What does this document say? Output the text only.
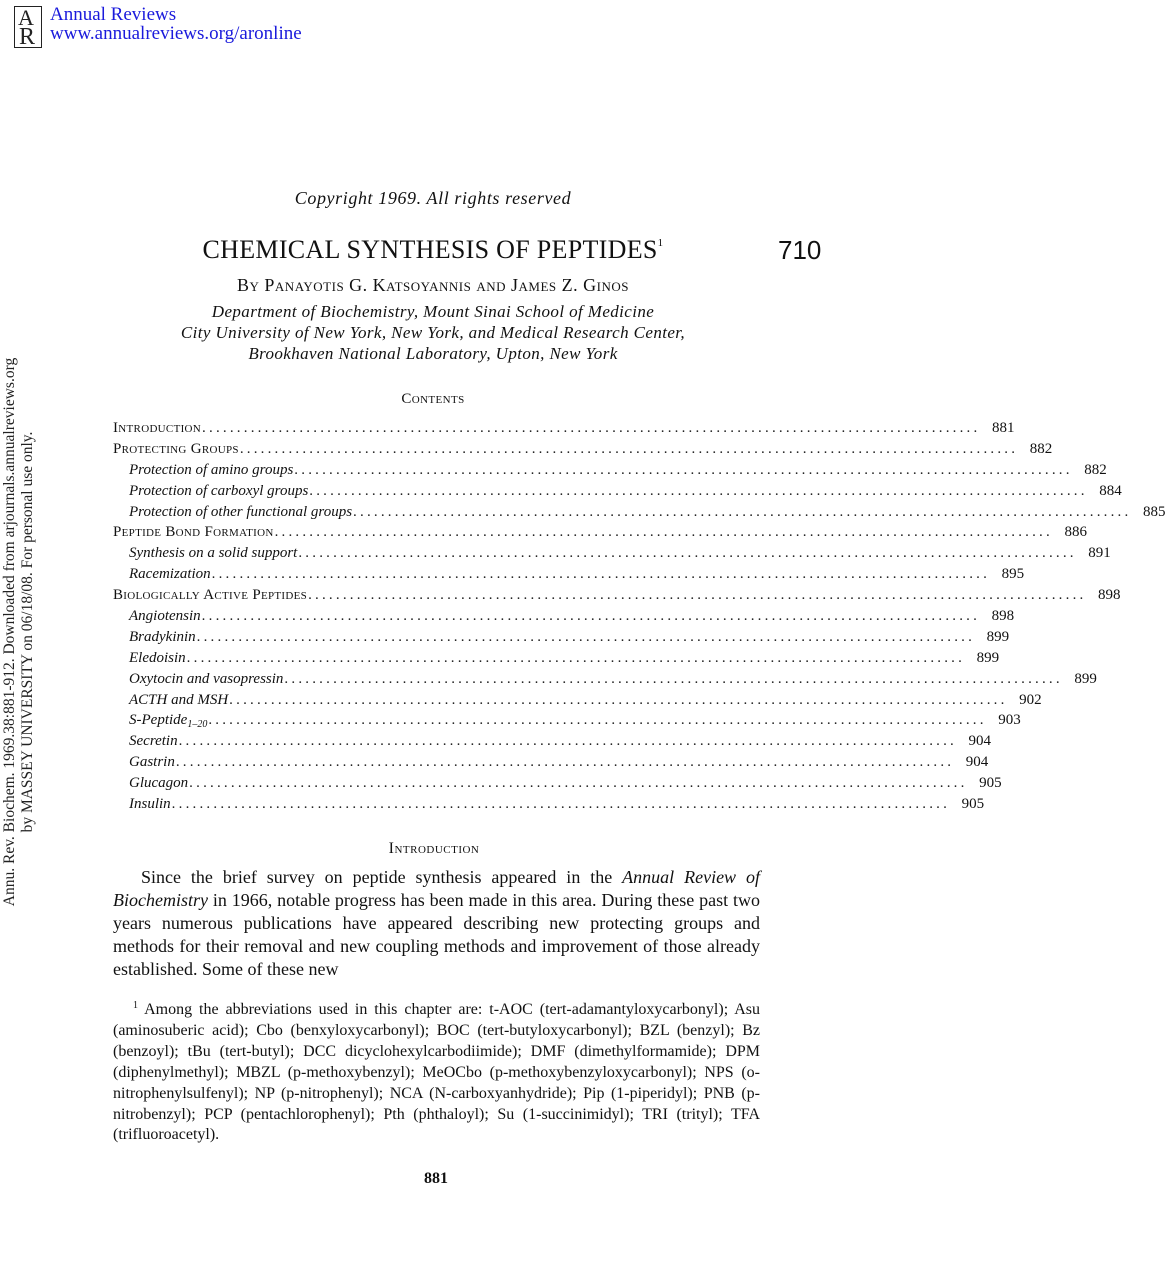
A
R
Annual Reviews
www.annualreviews.org/aronline
Annu. Rev. Biochem. 1969.38:881-912. Downloaded from arjournals.annualreviews.org by MASSEY UNIVERSITY on 06/18/08. For personal use only.
Copyright 1969. All rights reserved
CHEMICAL SYNTHESIS OF PEPTIDES$^1$	710
By Panayotis G. Katsoyannis and James Z. Ginos
Department of Biochemistry, Mount Sinai School of Medicine
City University of New York, New York, and Medical Research Center,
Brookhaven National Laboratory, Upton, New York
Contents
Introduction ................................................................................................................ 881
Protecting Groups ................................................................................................................ 882
Protection of amino groups ................................................................................................................ 882
Protection of carboxyl groups ................................................................................................................ 884
Protection of other functional groups ................................................................................................................ 885
Peptide Bond Formation ................................................................................................................ 886
Synthesis on a solid support ................................................................................................................ 891
Racemization ................................................................................................................ 895
Biologically Active Peptides ................................................................................................................ 898
Angiotensin ................................................................................................................ 898
Bradykinin ................................................................................................................ 899
Eledoisin ................................................................................................................ 899
Oxytocin and vasopressin ................................................................................................................ 899
ACTH and MSH ................................................................................................................ 902
S-Peptide$_{1-20}$ ................................................................................................................ 903
Secretin ................................................................................................................ 904
Gastrin ................................................................................................................ 904
Glucagon ................................................................................................................ 905
Insulin ................................................................................................................ 905
Introduction

Since the brief survey on peptide synthesis appeared in the Annual Review of Biochemistry in 1966, notable progress has been made in this area. During these past two years numerous publications have appeared describing new protecting groups and methods for their removal and new coupling methods and improvement of those already established. Some of these new

$^1$ Among the abbreviations used in this chapter are: t-AOC (tert-adamantyloxycarbonyl); Asu (aminosuberic acid); Cbo (benxyloxycarbonyl); BOC (tert-butyloxycarbonyl); BZL (benzyl); Bz (benzoyl); tBu (tert-butyl); DCC dicyclohexylcarbodiimide); DMF (dimethylformamide); DPM (diphenylmethyl); MBZL (p-methoxybenzyl); MeOCbo (p-methoxybenzyloxycarbonyl); NPS (o-nitrophenylsulfenyl); NP (p-nitrophenyl); NCA (N-carboxyanhydride); Pip (1-piperidyl); PNB (p-nitrobenzyl); PCP (pentachlorophenyl); Pth (phthaloyl); Su (1-succinimidyl); TRI (trityl); TFA (trifluoroacetyl).

881
